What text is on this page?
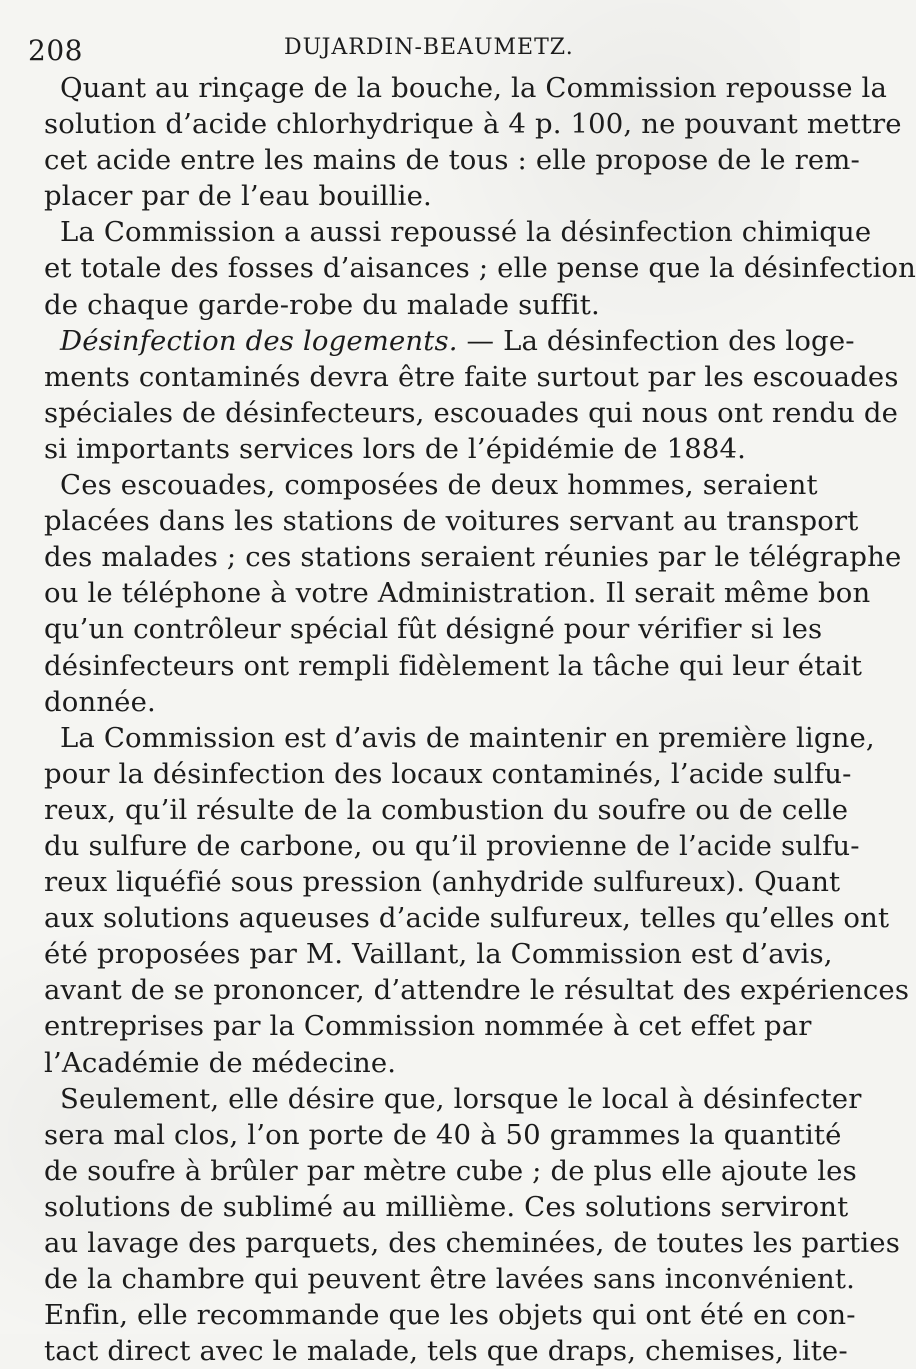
208	DUJARDIN-BEAUMETZ.
Quant au rinçage de la bouche, la Commission repousse la
solution d’acide chlorhydrique à 4 p. 100, ne pouvant mettre
cet acide entre les mains de tous : elle propose de le rem-
placer par de l’eau bouillie.
La Commission a aussi repoussé la désinfection chimique
et totale des fosses d’aisances ; elle pense que la désinfection
de chaque garde-robe du malade suffit.
Désinfection des logements. — La désinfection des loge-
ments contaminés devra être faite surtout par les escouades
spéciales de désinfecteurs, escouades qui nous ont rendu de
si importants services lors de l’épidémie de 1884.
Ces escouades, composées de deux hommes, seraient
placées dans les stations de voitures servant au transport
des malades ; ces stations seraient réunies par le télégraphe
ou le téléphone à votre Administration. Il serait même bon
qu’un contrôleur spécial fût désigné pour vérifier si les
désinfecteurs ont rempli fidèlement la tâche qui leur était
donnée.
La Commission est d’avis de maintenir en première ligne,
pour la désinfection des locaux contaminés, l’acide sulfu-
reux, qu’il résulte de la combustion du soufre ou de celle
du sulfure de carbone, ou qu’il provienne de l’acide sulfu-
reux liquéfié sous pression (anhydride sulfureux). Quant
aux solutions aqueuses d’acide sulfureux, telles qu’elles ont
été proposées par M. Vaillant, la Commission est d’avis,
avant de se prononcer, d’attendre le résultat des expériences
entreprises par la Commission nommée à cet effet par
l’Académie de médecine.
Seulement, elle désire que, lorsque le local à désinfecter
sera mal clos, l’on porte de 40 à 50 grammes la quantité
de soufre à brûler par mètre cube ; de plus elle ajoute les
solutions de sublimé au millième. Ces solutions serviront
au lavage des parquets, des cheminées, de toutes les parties
de la chambre qui peuvent être lavées sans inconvénient.
Enfin, elle recommande que les objets qui ont été en con-
tact direct avec le malade, tels que draps, chemises, lite-
